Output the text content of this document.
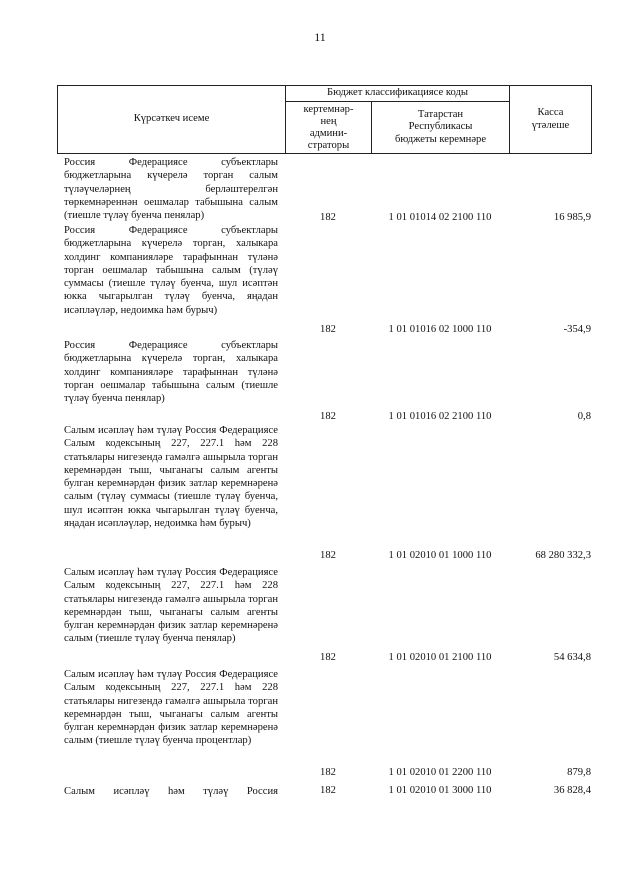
11
Күрсәткеч исеме
Бюджет классификациясе коды
кертемнәр-
нең
админи-
страторы
Татарстан
Республикасы
бюджеты керемнәре
Касса
үтәлеше
Россия Федерациясе субъектлары бюджетларына күчерелә торган салым түләүчеләрнең берләштерелгән төркемнәреннән оешмалар табышына салым (тиешле түләү буенча пенялар)	182	1 01 01014 02 2100 110	16 985,9
Россия Федерациясе субъектлары бюджетларына күчерелә торган, халыкара холдинг компанияләре тарафыннан түләнә торган оешмалар табышына салым (түләү суммасы (тиешле түләү буенча, шул исәптән юкка чыгарылган түләү буенча, яңадан исәпләүләр, недоимка һәм бурыч)
182	1 01 01016 02 1000 110	-354,9
Россия Федерациясе субъектлары бюджетларына күчерелә торган, халыкара холдинг компанияләре тарафыннан түләнә торган оешмалар табышына салым (тиешле түләү буенча пенялар)
182	1 01 01016 02 2100 110	0,8
Салым исәпләү һәм түләү Россия Федерациясе Салым кодексының 227, 227.1 һәм 228 статьялары нигезендә гамәлгә ашырыла торган керемнәрдән тыш, чыганагы салым агенты булган керемнәрдән физик затлар керемнәренә салым (түләү суммасы (тиешле түләү буенча, шул исәптән юкка чыгарылган түләү буенча, яңадан исәпләүләр, недоимка һәм бурыч)
182	1 01 02010 01 1000 110	68 280 332,3
Салым исәпләү һәм түләү Россия Федерациясе Салым кодексының 227, 227.1 һәм 228 статьялары нигезендә гамәлгә ашырыла торган керемнәрдән тыш, чыганагы салым агенты булган керемнәрдән физик затлар керемнәренә салым (тиешле түләү буенча пенялар)
182	1 01 02010 01 2100 110	54 634,8
Салым исәпләү һәм түләү Россия Федерациясе Салым кодексының 227, 227.1 һәм 228 статьялары нигезендә гамәлгә ашырыла торган керемнәрдән тыш, чыганагы салым агенты булган керемнәрдән физик затлар керемнәренә салым (тиешле түләү буенча процентлар)
182	1 01 02010 01 2200 110	879,8
Салым исәпләү һәм түләү Россия	182	1 01 02010 01 3000 110	36 828,4
